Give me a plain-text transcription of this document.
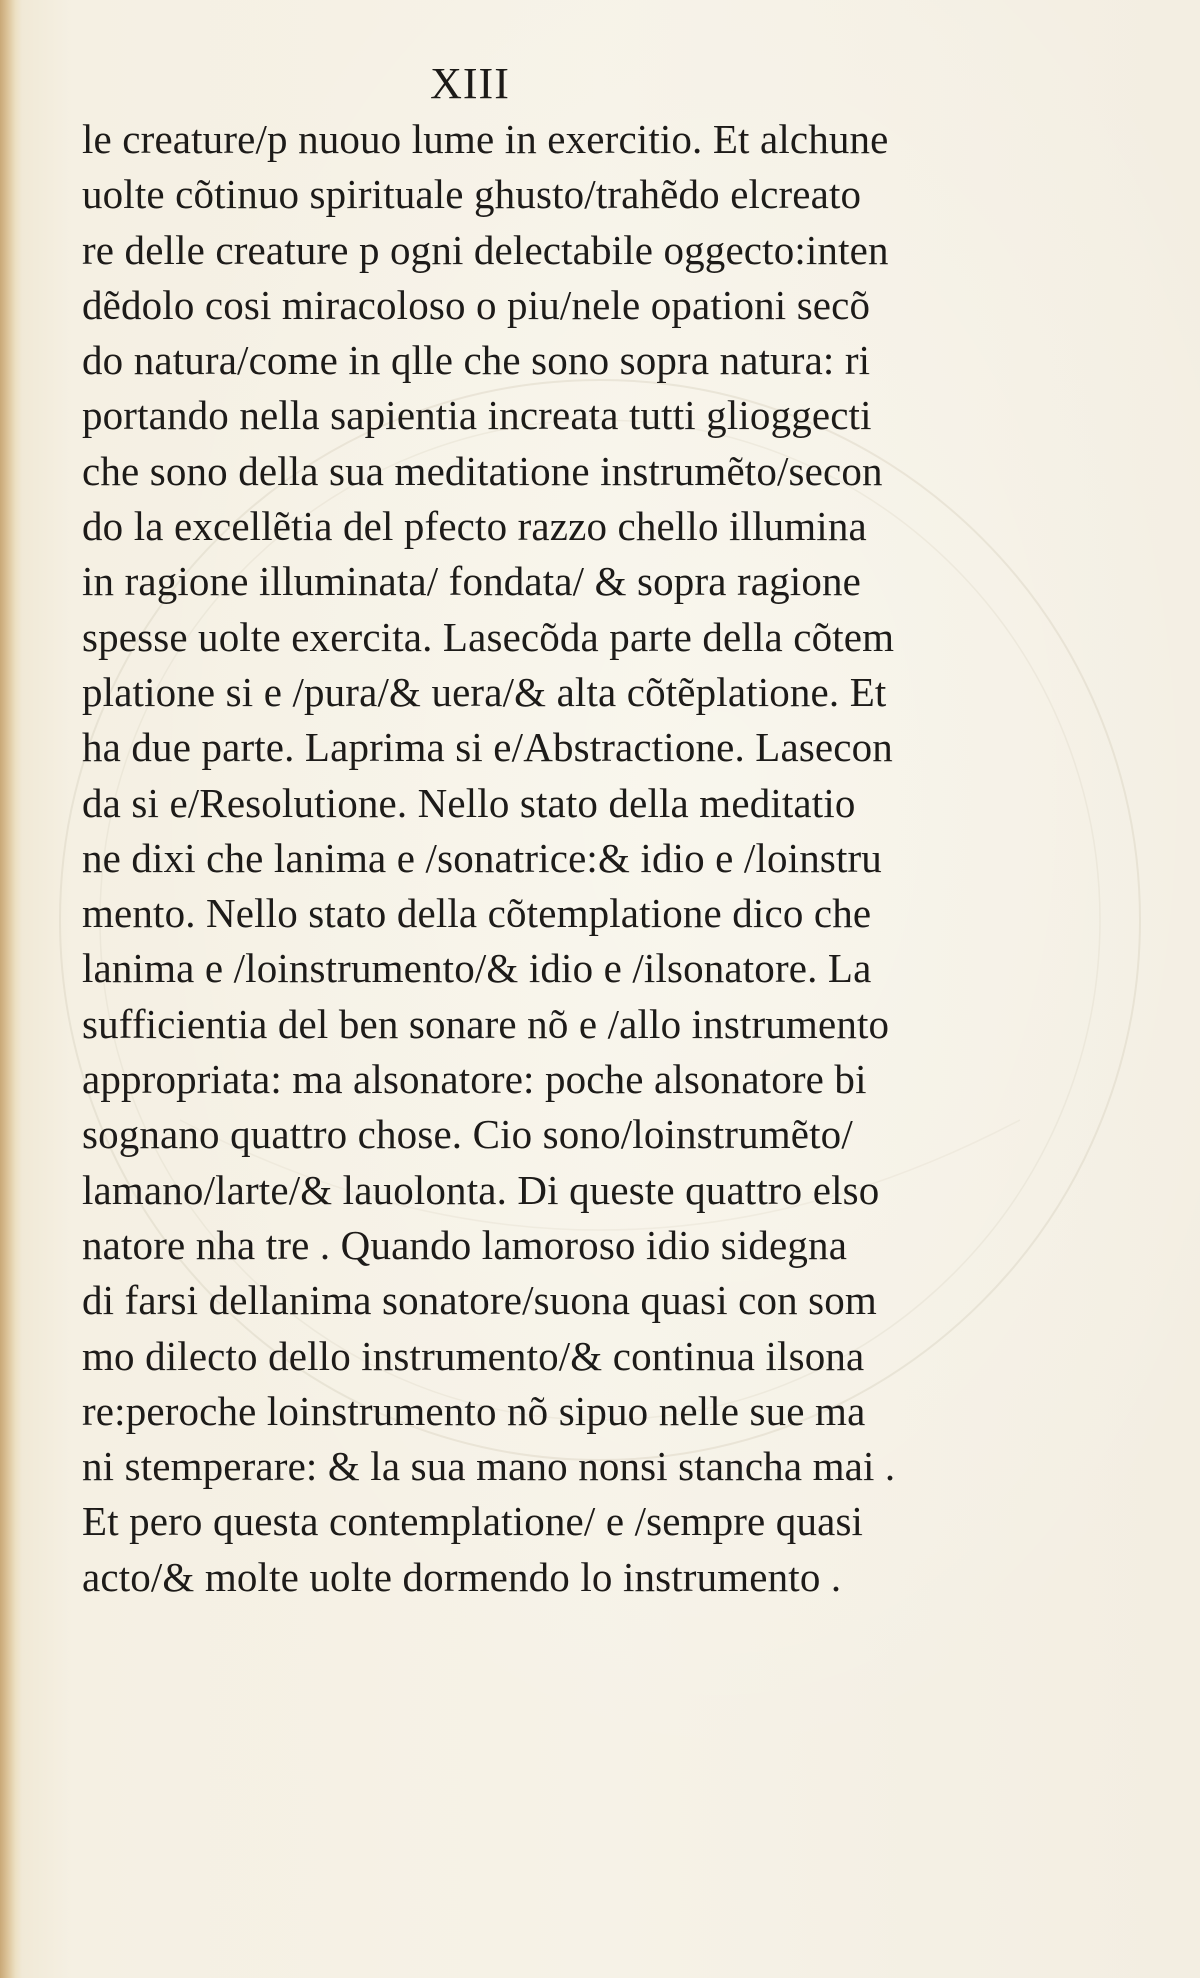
XIII
le creature/p nuouo lume in exercitio. Et alchune
uolte cõtinuo spirituale ghusto/trahẽdo elcreato
re delle creature p ogni delectabile oggecto:inten
dẽdolo cosi miracoloso o piu/nele opationi secõ
do natura/come in qlle che sono sopra natura: ri
portando nella sapientia increata tutti glioggecti
che sono della sua meditatione instrumẽto/secon
do la excellẽtia del pfecto razzo chello illumina
in ragione illuminata/ fondata/ & sopra ragione
spesse uolte exercita. Lasecõda parte della cõtem
platione si e /pura/& uera/& alta cõtẽplatione. Et
ha due parte. Laprima si e/Abstractione. Lasecon
da si e/Resolutione. Nello stato della meditatio
ne dixi che lanima e /sonatrice:& idio e /loinstru
mento. Nello stato della cõtemplatione dico che
lanima e /loinstrumento/& idio e /ilsonatore. La
sufficientia del ben sonare nõ e /allo instrumento
appropriata: ma alsonatore: poche alsonatore bi
sognano quattro chose. Cio sono/loinstrumẽto/
lamano/larte/& lauolonta. Di queste quattro elso
natore nha tre . Quando lamoroso idio sidegna
di farsi dellanima sonatore/suona quasi con som
mo dilecto dello instrumento/& continua ilsona
re:peroche loinstrumento nõ sipuo nelle sue ma
ni stemperare: & la sua mano nonsi stancha mai .
Et pero questa contemplatione/ e /sempre quasi
acto/& molte uolte dormendo lo instrumento .
